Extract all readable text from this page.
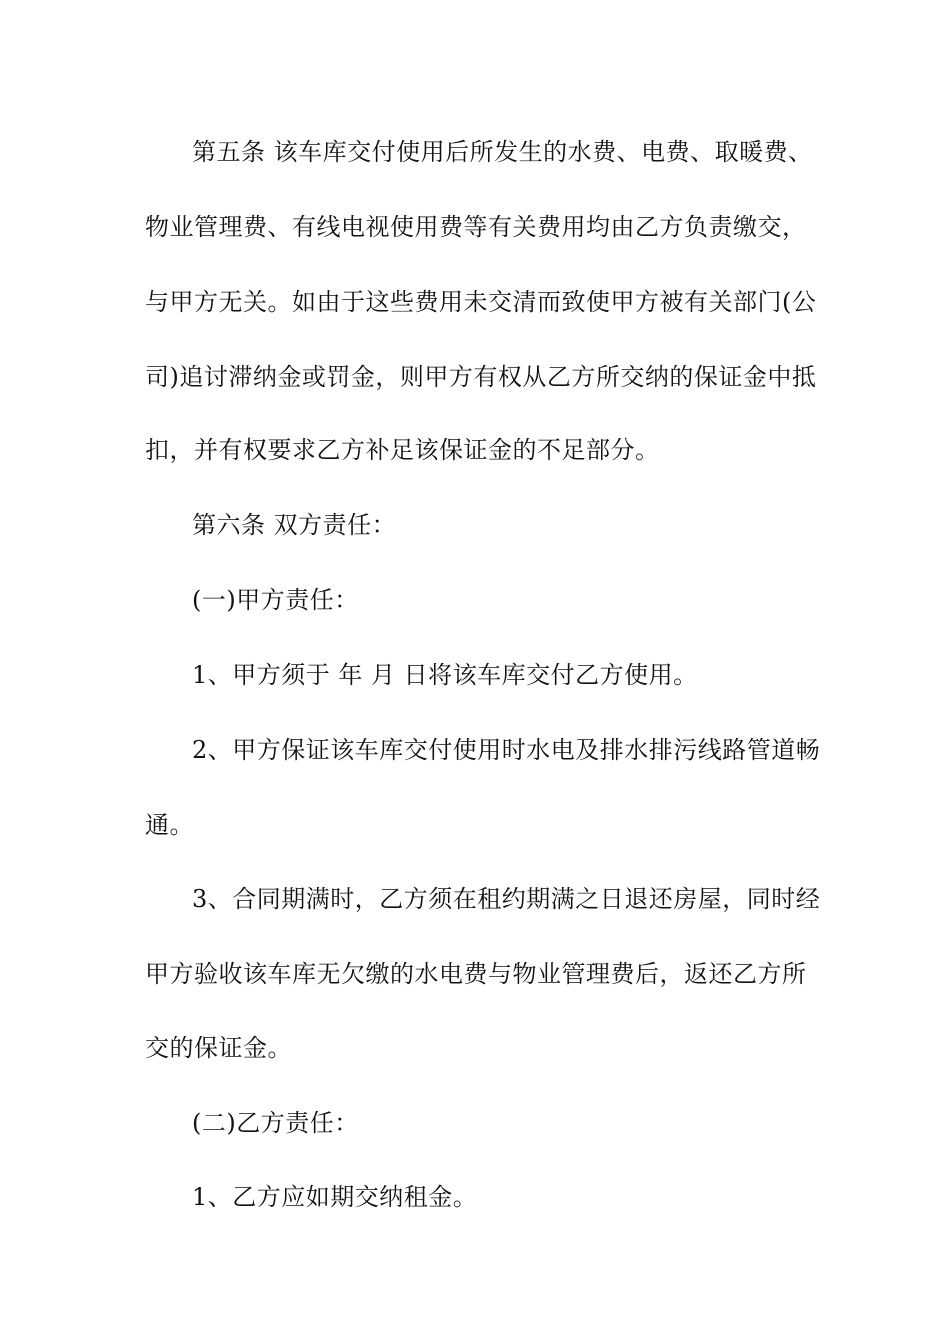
第五条 该车库交付使用后所发生的水费、电费、取暖费、
物业管理费、有线电视使用费等有关费用均由乙方负责缴交，
与甲方无关。如由于这些费用未交清而致使甲方被有关部门(公
司)追讨滞纳金或罚金，则甲方有权从乙方所交纳的保证金中抵
扣，并有权要求乙方补足该保证金的不足部分。
第六条 双方责任：
(一)甲方责任：
1、甲方须于 年 月 日将该车库交付乙方使用。
2、甲方保证该车库交付使用时水电及排水排污线路管道畅
通。
3、合同期满时，乙方须在租约期满之日退还房屋，同时经
甲方验收该车库无欠缴的水电费与物业管理费后，返还乙方所
交的保证金。
(二)乙方责任：
1、乙方应如期交纳租金。
